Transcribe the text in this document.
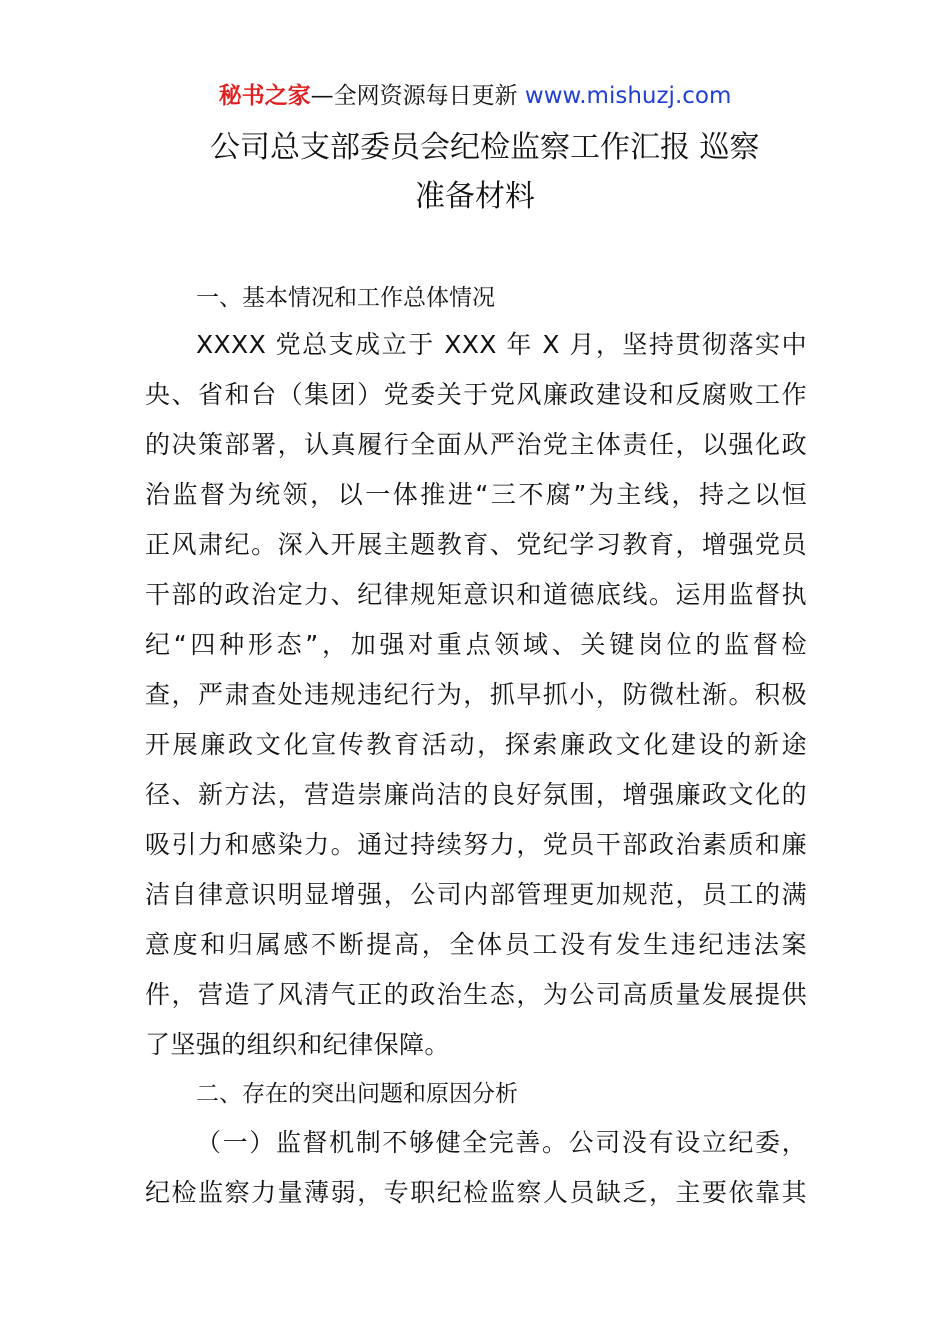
秘书之家—全网资源每日更新 www.mishuzj.com
公司总支部委员会纪检监察工作汇报 巡察
准备材料
一、基本情况和工作总体情况
XXXX 党总支成立于 XXX 年 X 月，坚持贯彻落实中
央、省和台（集团）党委关于党风廉政建设和反腐败工作
的决策部署，认真履行全面从严治党主体责任，以强化政
治监督为统领，以一体推进“三不腐”为主线，持之以恒
正风肃纪。深入开展主题教育、党纪学习教育，增强党员
干部的政治定力、纪律规矩意识和道德底线。运用监督执
纪“四种形态”，加强对重点领域、关键岗位的监督检
查，严肃查处违规违纪行为，抓早抓小，防微杜渐。积极
开展廉政文化宣传教育活动，探索廉政文化建设的新途
径、新方法，营造崇廉尚洁的良好氛围，增强廉政文化的
吸引力和感染力。通过持续努力，党员干部政治素质和廉
洁自律意识明显增强，公司内部管理更加规范，员工的满
意度和归属感不断提高，全体员工没有发生违纪违法案
件，营造了风清气正的政治生态，为公司高质量发展提供
了坚强的组织和纪律保障。
二、存在的突出问题和原因分析
（一）监督机制不够健全完善。公司没有设立纪委，
纪检监察力量薄弱，专职纪检监察人员缺乏，主要依靠其
